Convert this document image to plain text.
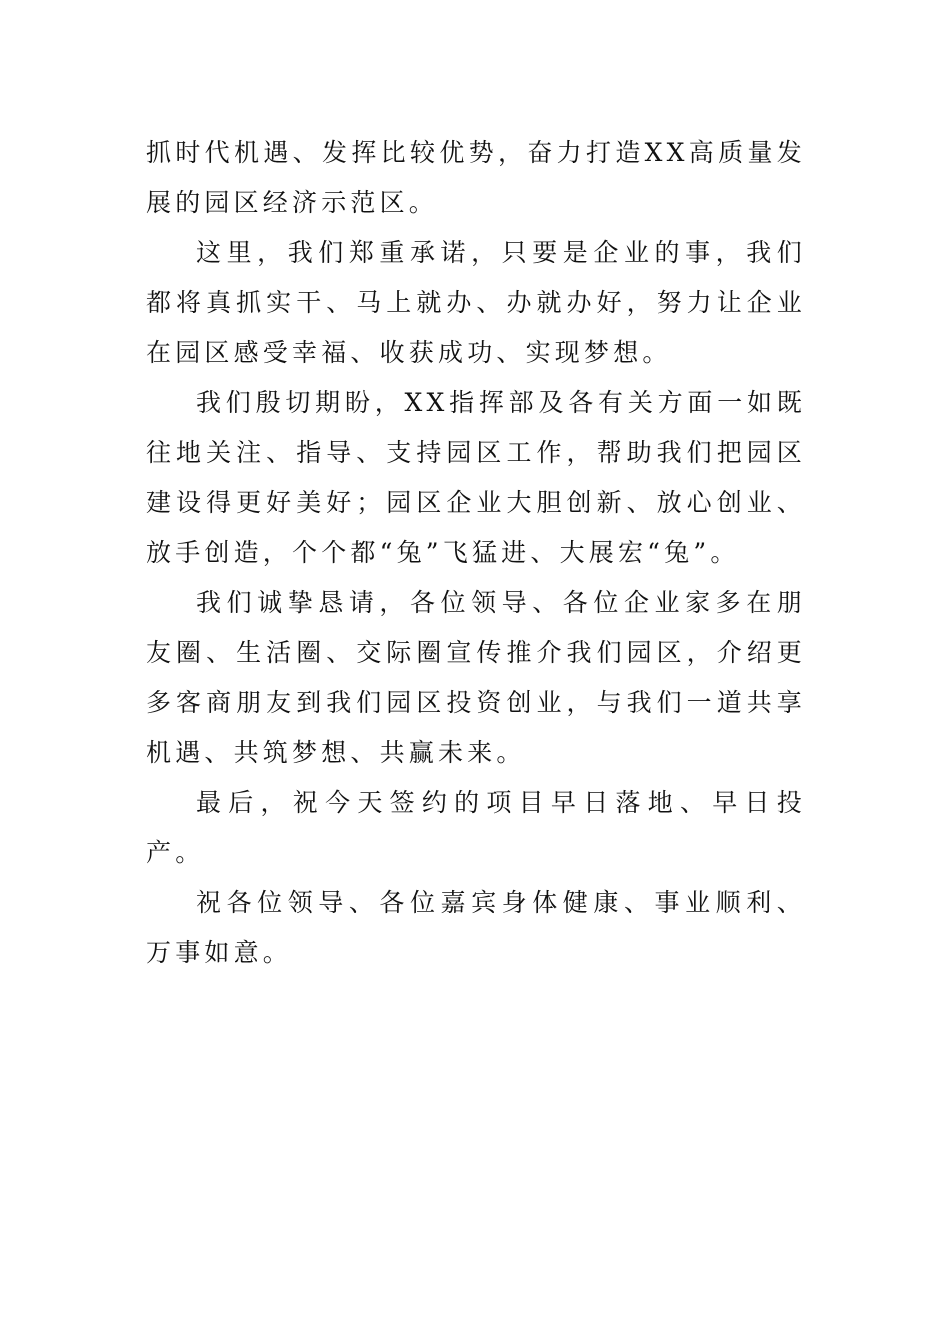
抓时代机遇、发挥比较优势，奋力打造XX高质量发展的园区经济示范区。

这里，我们郑重承诺，只要是企业的事，我们都将真抓实干、马上就办、办就办好，努力让企业在园区感受幸福、收获成功、实现梦想。

我们殷切期盼，XX指挥部及各有关方面一如既往地关注、指导、支持园区工作，帮助我们把园区建设得更好美好；园区企业大胆创新、放心创业、放手创造，个个都“兔”飞猛进、大展宏“兔”。

我们诚挚恳请，各位领导、各位企业家多在朋友圈、生活圈、交际圈宣传推介我们园区，介绍更多客商朋友到我们园区投资创业，与我们一道共享机遇、共筑梦想、共赢未来。

最后，祝今天签约的项目早日落地、早日投产。

祝各位领导、各位嘉宾身体健康、事业顺利、万事如意。
